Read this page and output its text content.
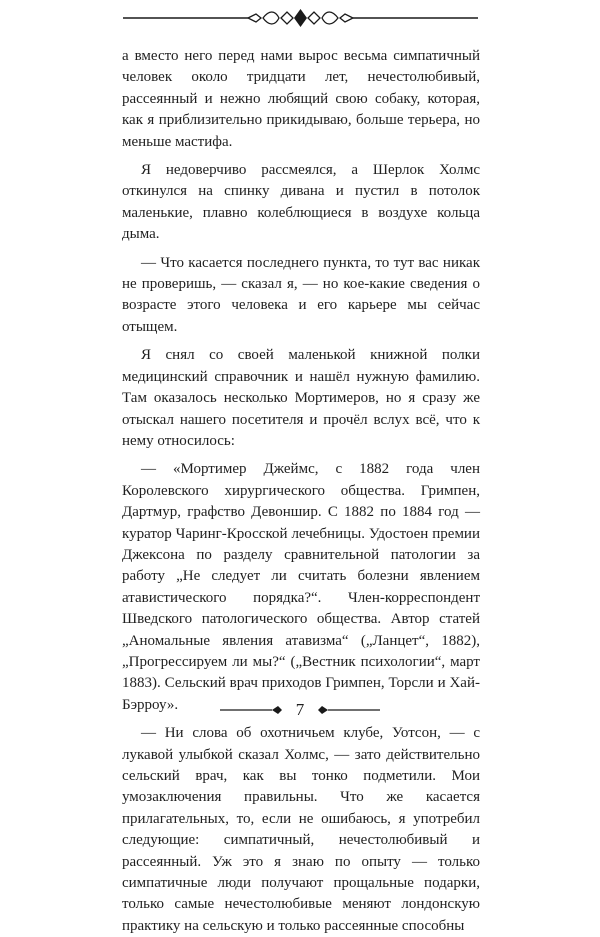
а вместо него перед нами вырос весьма симпатичный человек около тридцати лет, нечестолюбивый, рассеянный и нежно любящий свою собаку, которая, как я приблизительно прикидываю, больше терьера, но меньше мастифа.

Я недоверчиво рассмеялся, а Шерлок Холмс откинулся на спинку дивана и пустил в потолок маленькие, плавно колеблющиеся в воздухе кольца дыма.

— Что касается последнего пункта, то тут вас никак не проверишь, — сказал я, — но кое-какие сведения о возрасте этого человека и его карьере мы сейчас отыщем.

Я снял со своей маленькой книжной полки медицинский справочник и нашёл нужную фамилию. Там оказалось несколько Мортимеров, но я сразу же отыскал нашего посетителя и прочёл вслух всё, что к нему относилось:

— «Мортимер Джеймс, с 1882 года член Королевского хирургического общества. Гримпен, Дартмур, графство Девоншир. С 1882 по 1884 год — куратор Чаринг-Кросской лечебницы. Удостоен премии Джексона по разделу сравнительной патологии за работу „Не следует ли считать болезни явлением атавистического порядка?“. Член-корреспондент Шведского патологического общества. Автор статей „Аномальные явления атавизма“ („Ланцет“, 1882), „Прогрессируем ли мы?“ („Вестник психологии“, март 1883). Сельский врач приходов Гримпен, Торсли и Хай-Бэрроу».

— Ни слова об охотничьем клубе, Уотсон, — с лукавой улыбкой сказал Холмс, — зато действительно сельский врач, как вы тонко подметили. Мои умозаключения правильны. Что же касается прилагательных, то, если не ошибаюсь, я употребил следующие: симпатичный, нечестолюбивый и рассеянный. Уж это я знаю по опыту — только симпатичные люди получают прощальные подарки, только самые нечестолюбивые меняют лондонскую практику на сельскую и только рассеянные способны

7
